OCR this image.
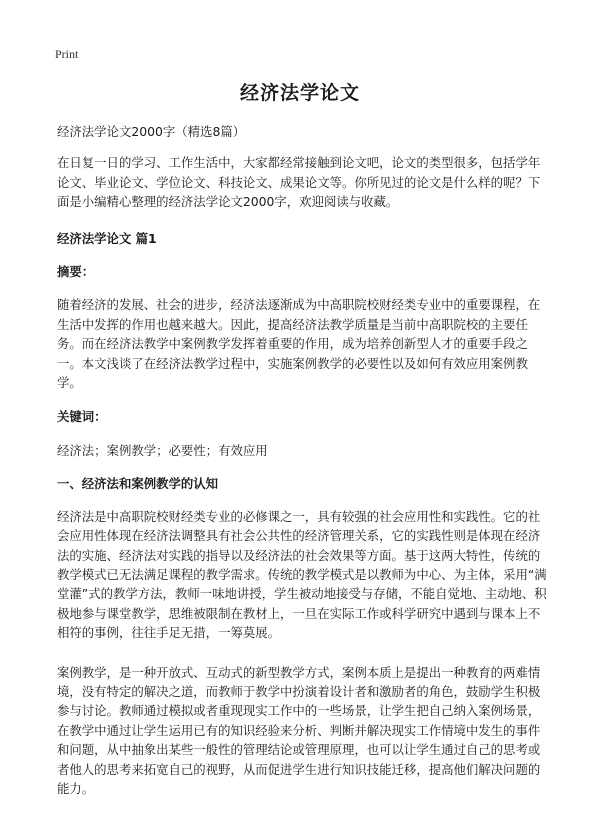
Print
经济法学论文

经济法学论文2000字（精选8篇）

在日复一日的学习、工作生活中，大家都经常接触到论文吧，论文的类型很多，包括学年论文、毕业论文、学位论文、科技论文、成果论文等。你所见过的论文是什么样的呢？下面是小编精心整理的经济法学论文2000字，欢迎阅读与收藏。

经济法学论文 篇1

摘要：

随着经济的发展、社会的进步，经济法逐渐成为中高职院校财经类专业中的重要课程，在生活中发挥的作用也越来越大。因此，提高经济法教学质量是当前中高职院校的主要任务。而在经济法教学中案例教学发挥着重要的作用，成为培养创新型人才的重要手段之一。本文浅谈了在经济法教学过程中，实施案例教学的必要性以及如何有效应用案例教学。

关键词：

经济法；案例教学；必要性；有效应用

一、经济法和案例教学的认知

经济法是中高职院校财经类专业的必修课之一，具有较强的社会应用性和实践性。它的社会应用性体现在经济法调整具有社会公共性的经济管理关系，它的实践性则是体现在经济法的实施、经济法对实践的指导以及经济法的社会效果等方面。基于这两大特性，传统的教学模式已无法满足课程的教学需求。传统的教学模式是以教师为中心、为主体，采用“满堂灌”式的教学方法，教师一味地讲授，学生被动地接受与存储，不能自觉地、主动地、积极地参与课堂教学，思维被限制在教材上，一旦在实际工作或科学研究中遇到与课本上不相符的事例，往往手足无措，一筹莫展。

案例教学，是一种开放式、互动式的新型教学方式，案例本质上是提出一种教育的两难情境，没有特定的解决之道，而教师于教学中扮演着设计者和激励者的角色，鼓励学生积极参与讨论。教师通过模拟或者重现现实工作中的一些场景，让学生把自己纳入案例场景，在教学中通过让学生运用已有的知识经验来分析、判断并解决现实工作情境中发生的事件和问题，从中抽象出某些一般性的管理结论或管理原理，也可以让学生通过自己的思考或者他人的思考来拓宽自己的视野，从而促进学生进行知识技能迁移，提高他们解决问题的能力。
